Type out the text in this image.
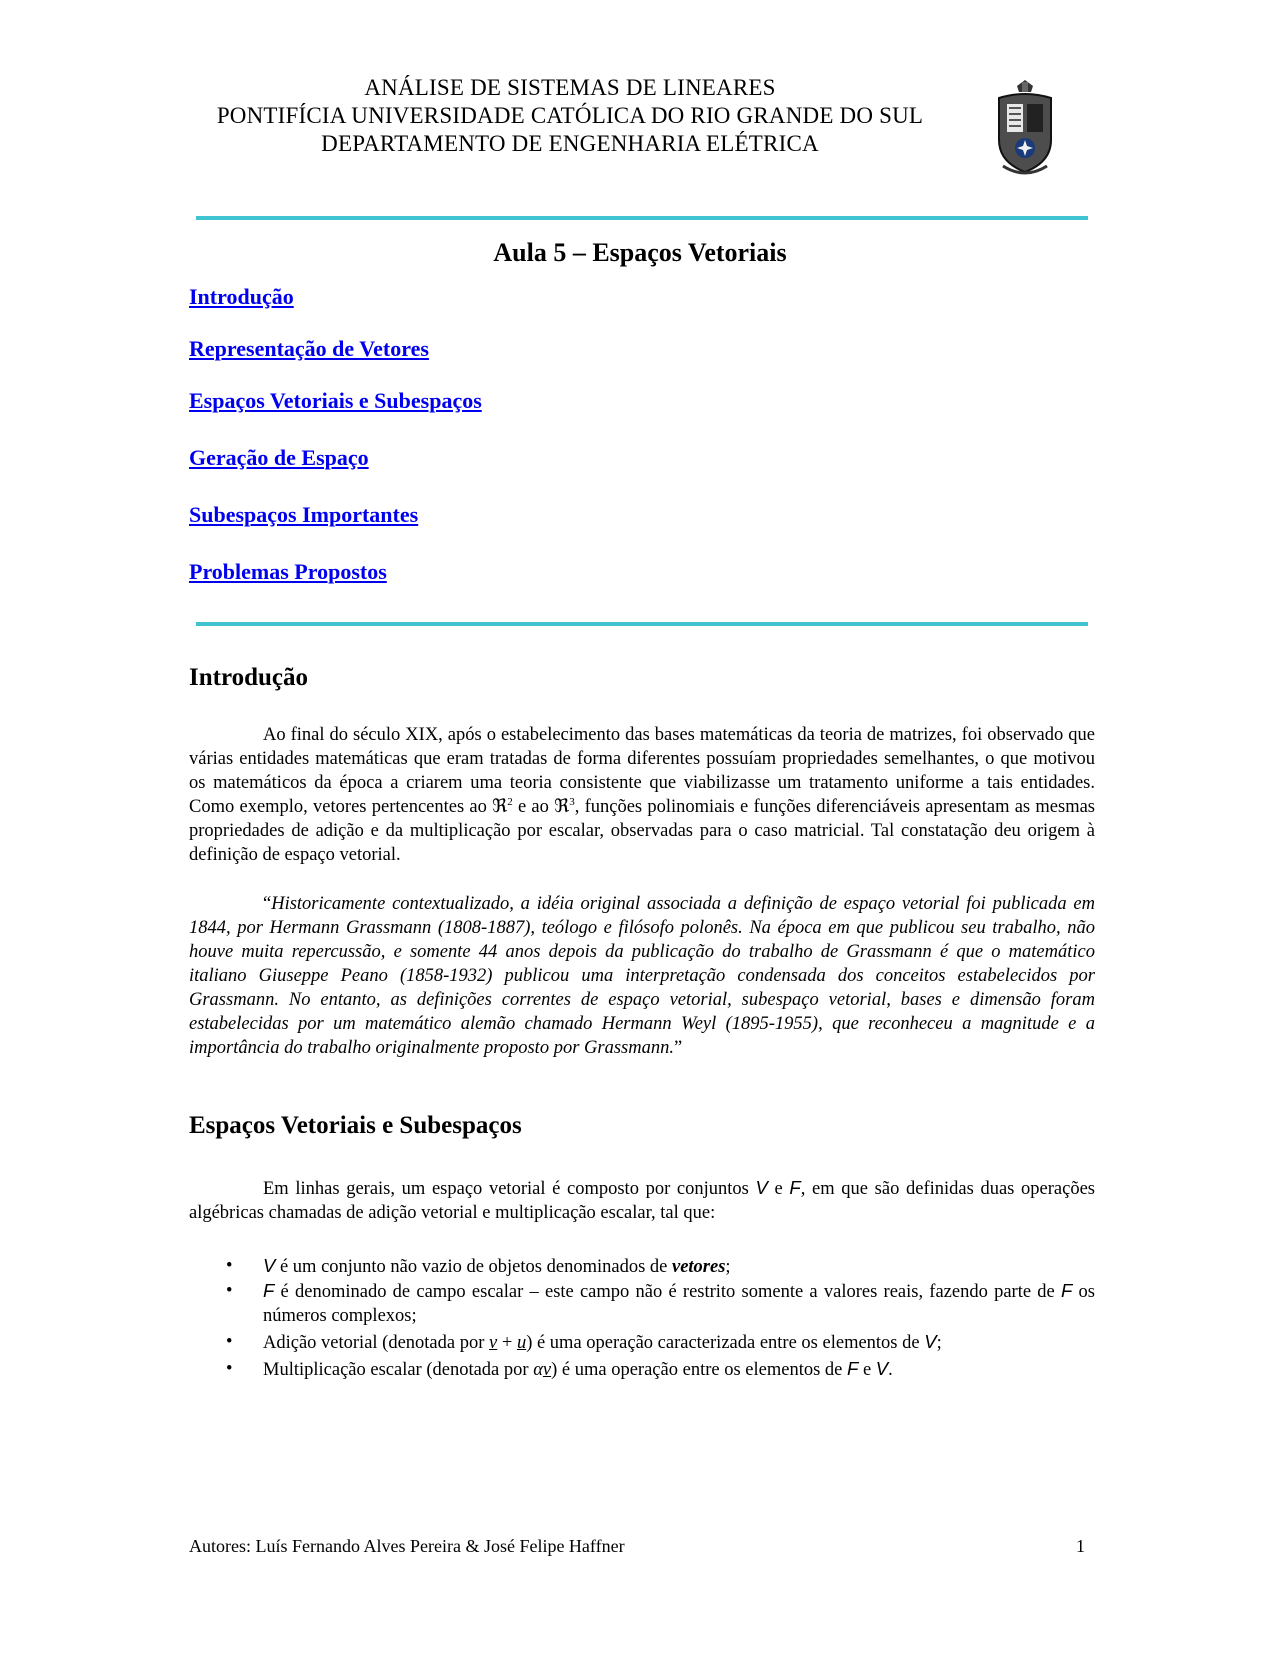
ANÁLISE DE SISTEMAS DE LINEARES
PONTIFÍCIA UNIVERSIDADE CATÓLICA DO RIO GRANDE DO SUL
DEPARTAMENTO DE ENGENHARIA ELÉTRICA
Aula 5 – Espaços Vetoriais
Introdução
Representação de Vetores
Espaços Vetoriais e Subespaços
Geração de Espaço
Subespaços Importantes
Problemas Propostos
Introdução

Ao final do século XIX, após o estabelecimento das bases matemáticas da teoria de matrizes, foi observado que várias entidades matemáticas que eram tratadas de forma diferentes possuíam propriedades semelhantes, o que motivou os matemáticos da época a criarem uma teoria consistente que viabilizasse um tratamento uniforme a tais entidades. Como exemplo, vetores pertencentes ao ℜ$^2$ e ao ℜ$^3$, funções polinomiais e funções diferenciáveis apresentam as mesmas propriedades de adição e da multiplicação por escalar, observadas para o caso matricial. Tal constatação deu origem à definição de espaço vetorial.

“Historicamente contextualizado, a idéia original associada a definição de espaço vetorial foi publicada em 1844, por Hermann Grassmann (1808-1887), teólogo e filósofo polonês. Na época em que publicou seu trabalho, não houve muita repercussão, e somente 44 anos depois da publicação do trabalho de Grassmann é que o matemático italiano Giuseppe Peano (1858-1932) publicou uma interpretação condensada dos conceitos estabelecidos por Grassmann. No entanto, as definições correntes de espaço vetorial, subespaço vetorial, bases e dimensão foram estabelecidas por um matemático alemão chamado Hermann Weyl (1895-1955), que reconheceu a magnitude e a importância do trabalho originalmente proposto por Grassmann.”

Espaços Vetoriais e Subespaços

Em linhas gerais, um espaço vetorial é composto por conjuntos V e F, em que são definidas duas operações algébricas chamadas de adição vetorial e multiplicação escalar, tal que:

• V é um conjunto não vazio de objetos denominados de vetores;
• F é denominado de campo escalar – este campo não é restrito somente a valores reais, fazendo parte de F os números complexos;
• Adição vetorial (denotada por v + u) é uma operação caracterizada entre os elementos de V;
• Multiplicação escalar (denotada por αv) é uma operação entre os elementos de F e V.
Autores: Luís Fernando Alves Pereira & José Felipe Haffner	1
